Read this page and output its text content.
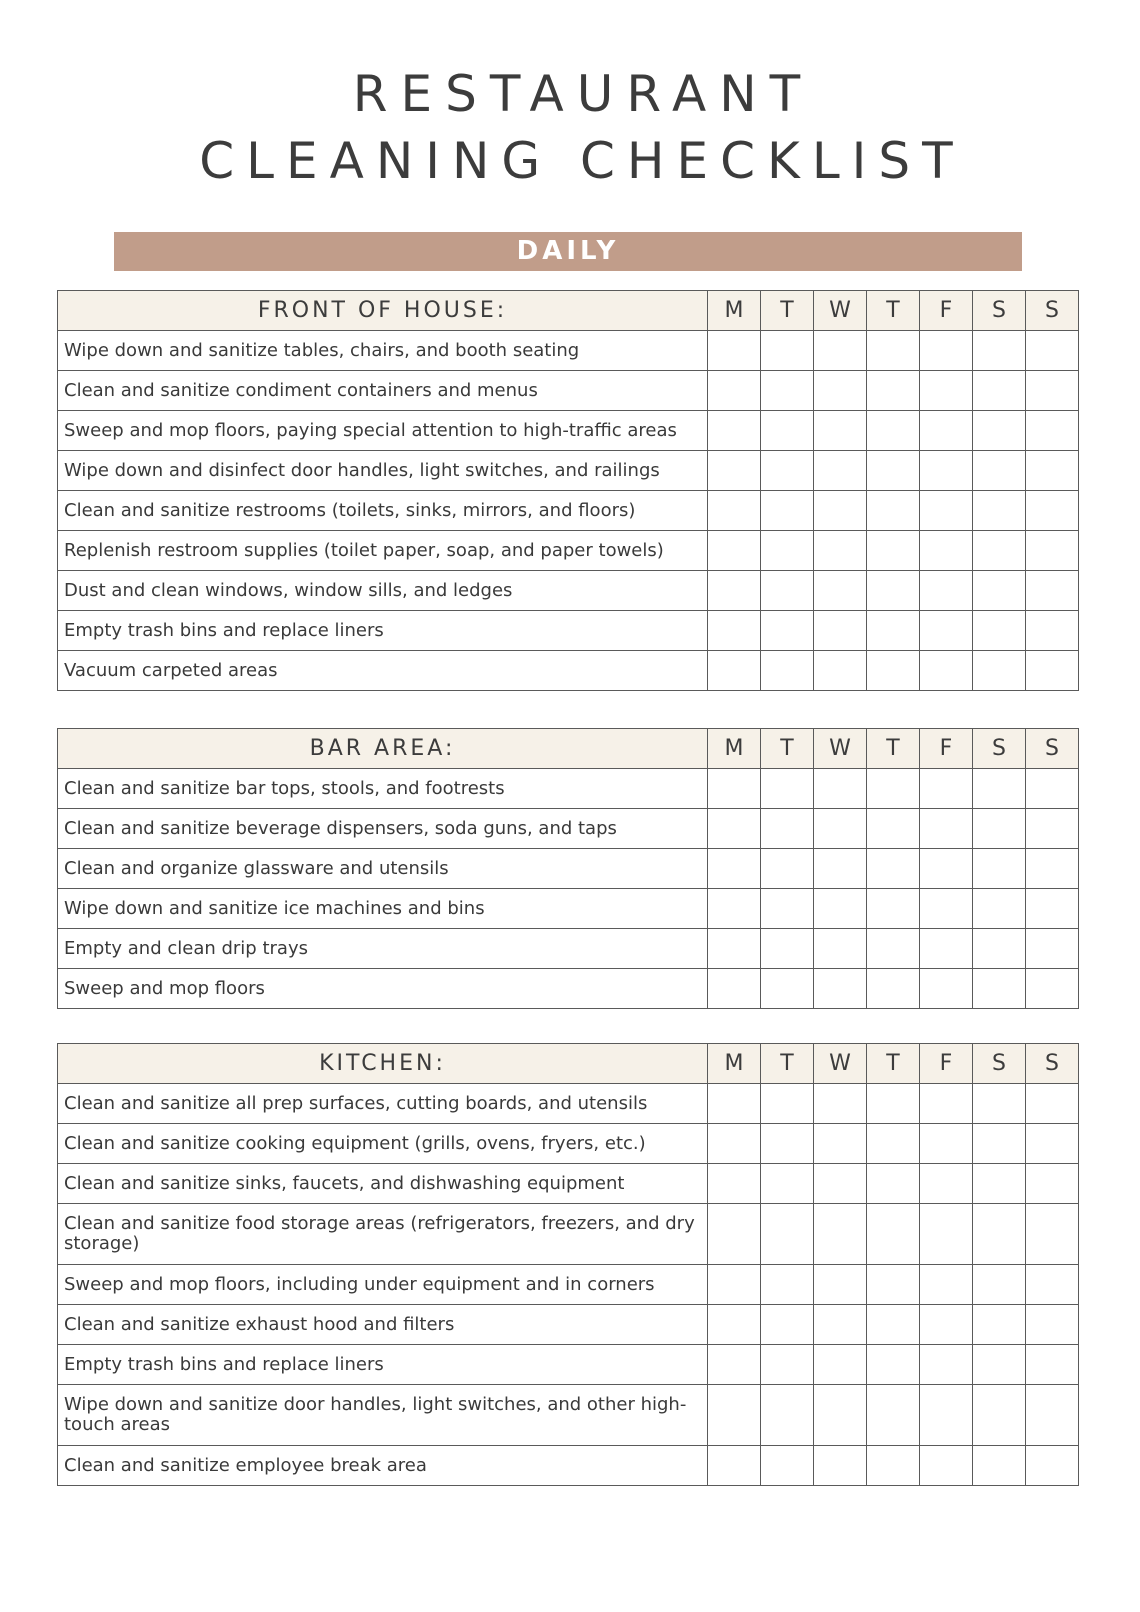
RESTAURANT
CLEANING CHECKLIST
DAILY
FRONT OF HOUSE:	M	T	W	T	F	S	S
Wipe down and sanitize tables, chairs, and booth seating							
Clean and sanitize condiment containers and menus							
Sweep and mop floors, paying special attention to high-traffic areas							
Wipe down and disinfect door handles, light switches, and railings							
Clean and sanitize restrooms (toilets, sinks, mirrors, and floors)							
Replenish restroom supplies (toilet paper, soap, and paper towels)							
Dust and clean windows, window sills, and ledges							
Empty trash bins and replace liners							
Vacuum carpeted areas							
BAR AREA:	M	T	W	T	F	S	S
Clean and sanitize bar tops, stools, and footrests							
Clean and sanitize beverage dispensers, soda guns, and taps							
Clean and organize glassware and utensils							
Wipe down and sanitize ice machines and bins							
Empty and clean drip trays							
Sweep and mop floors							
KITCHEN:	M	T	W	T	F	S	S
Clean and sanitize all prep surfaces, cutting boards, and utensils							
Clean and sanitize cooking equipment (grills, ovens, fryers, etc.)							
Clean and sanitize sinks, faucets, and dishwashing equipment							
Clean and sanitize food storage areas (refrigerators, freezers, and dry storage)							
Sweep and mop floors, including under equipment and in corners							
Clean and sanitize exhaust hood and filters							
Empty trash bins and replace liners							
Wipe down and sanitize door handles, light switches, and other high-touch areas							
Clean and sanitize employee break area							
